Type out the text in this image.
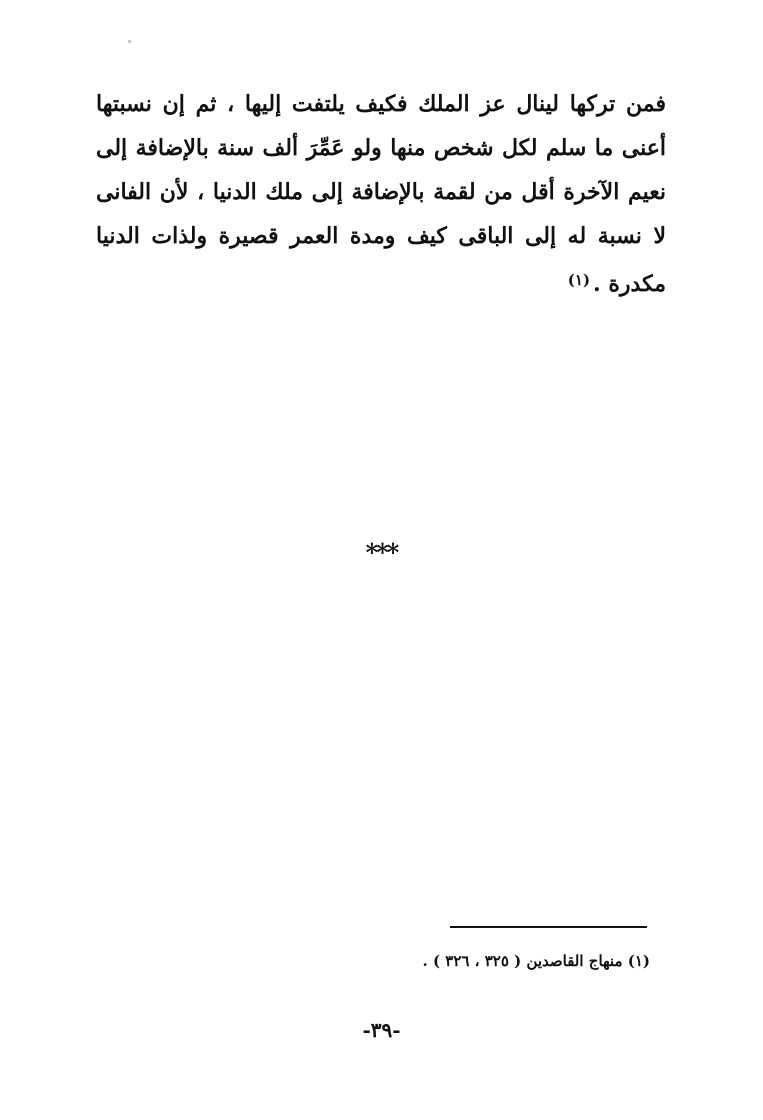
فمن تركها لينال عز الملك فكيف يلتفت إليها ، ثم إن نسبتها
أعنى ما سلم لكل شخص منها ولو عَمِّرَ ألف سنة بالإضافة إلى
نعيم الآخرة أقل من لقمة بالإضافة إلى ملك الدنيا ، لأن الفانى
لا نسبة له إلى الباقى كيف ومدة العمر قصيرة ولذات الدنيا
مكدرة .$^{(١)}$
***
(١) منهاج القاصدين ( ٣٢٥ ، ٣٢٦ ) .
-٣٩-
